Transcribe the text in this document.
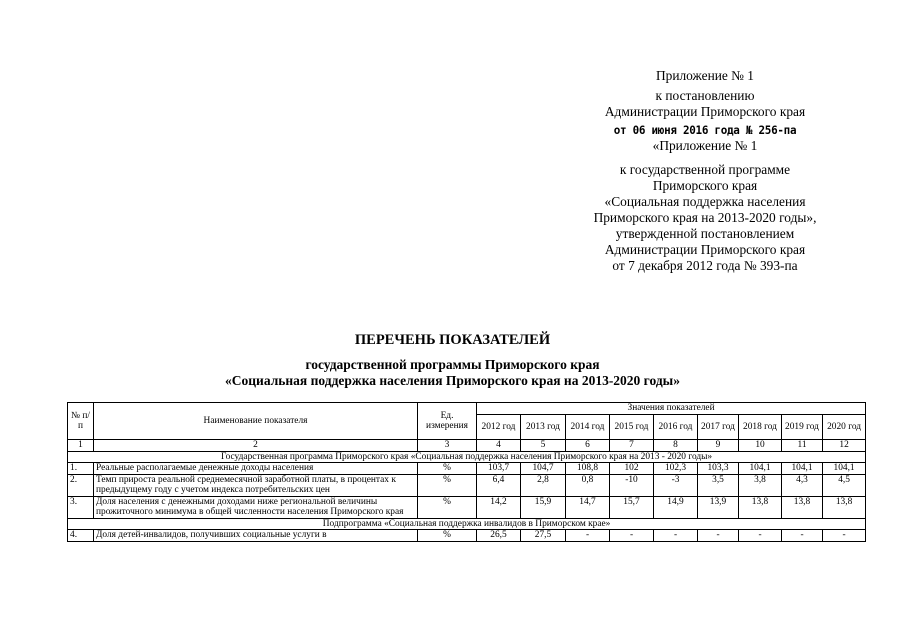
Приложение № 1
к постановлению
Администрации Приморского края
от 06 июня 2016 года № 256-па
«Приложение № 1
к государственной программе
Приморского края
«Социальная поддержка населения
Приморского края на 2013-2020 годы»,
утвержденной постановлением
Администрации Приморского края
от 7 декабря 2012 года № 393-па
ПЕРЕЧЕНЬ ПОКАЗАТЕЛЕЙ
государственной программы Приморского края
«Социальная поддержка населения Приморского края на 2013-2020 годы»
№ п/п	Наименование показателя	Ед. измерения	Значения показателей								
			2012 год	2013 год	2014 год	2015 год	2016 год	2017 год	2018 год	2019 год	2020 год
1	2	3	4	5	6	7	8	9	10	11	12
Государственная программа Приморского края «Социальная поддержка населения Приморского края на 2013 - 2020 годы»											
1.	Реальные располагаемые денежные доходы населения	%	103,7	104,7	108,8	102	102,3	103,3	104,1	104,1	104,1
2.	Темп прироста реальной среднемесячной заработной платы, в процентах к предыдущему году с учетом индекса потребительских цен	%	6,4	2,8	0,8	-10	-3	3,5	3,8	4,3	4,5
3.	Доля населения с денежными доходами ниже региональной величины прожиточного минимума в общей численности населения Приморского края	%	14,2	15,9	14,7	15,7	14,9	13,9	13,8	13,8	13,8
Подпрограмма «Социальная поддержка инвалидов в Приморском крае»											
4.	Доля детей-инвалидов, получивших социальные услуги в	%	26,5	27,5	-	-	-	-	-	-	-
